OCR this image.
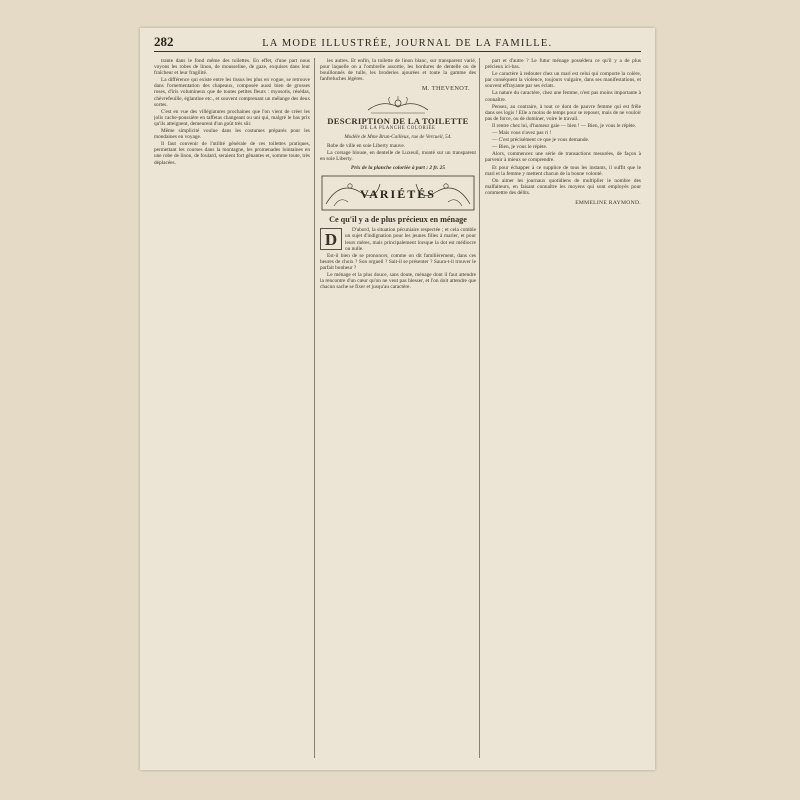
282	LA MODE ILLUSTRÉE, JOURNAL DE LA FAMILLE.

trante dans le fond même des toilettes. En effet, d'une part nous voyons les robes de linon, de mousseline, de gaze, exquises dans leur fraîcheur et leur fragilité.

La différence qui existe entre les tissus les plus en vogue, se retrouve dans l'ornementation des chapeaux, composée aussi bien de grosses roses, d'iris volumineux que de toutes petites fleurs : myosotis, résédas, chèvrefeuille, églantine etc., et souvent comprenant un mélange des deux sortes.

C'est en vue des villégiatures prochaines que l'on vient de créer les jolis cache-poussière en taffetas changeant ou uni qui, malgré le bas prix qu'ils atteignent, demeurent d'un goût très sûr.

Même simplicité voulue dans les costumes préparés pour les mondaines en voyage.

Il faut convenir de l'utilité générale de ces toilettes pratiques, permettant les courses dans la montagne, les promenades lointaines en une robe de linon, de foulard, seraient fort gênantes et, somme toute, très déplacées.

les autres. Et enfin, la toilette de linon blanc, sur transparent varié, pour laquelle on a l'ombrelle assortie, les bordures de dentelle ou de bouillonnés de tulle, les broderies ajourées et toute la gamme des fanfreluches légères.

M. THEVENOT.
DESCRIPTION DE LA TOILETTE
DE LA PLANCHE COLORIÉE
Modèle de Mme Brun-Cailleux, rue de Vercueil, 54.

Robe de ville en soie Liberty mauve.

La corsage blouse, en dentelle de Luxeuil, monté sur un transparent en soie Liberty.

Prix de la planche coloriée à part : 2 fr. 25
VARIÉTÉS
Ce qu'il y a de plus précieux en ménage
D	D'abord, la situation pécuniaire respectée ; et cela comble un sujet d'indignation pour les jeunes filles à marier, et pour leurs mères, mais principalement lorsque la dot est médiocre ou nulle.

Est-il bien de se prononcer, comme on dit familièrement, dans ces heures de choix ? Son orgueil ? Sait-il se présenter ? Saura-t-il trouver le parfait bonheur ?

Le ménage et la plus douce, sans doute, ménage dont il faut attendre la rencontre d'un cœur qu'on ne veut pas blesser, et l'on doit attendre que chacun sache se fixer et jusqu'au caractère.

part et d'autre ? Le futur ménage possédera ce qu'il y a de plus précieux ici-bas.

Le caractère à redouter chez un mari est celui qui comporte la colère, par conséquent la violence, toujours vulgaire, dans ses manifestations, et souvent effrayante par ses éclats.

La nature du caractère, chez une femme, n'est pas moins importante à connaître.

Pensez, au contraire, à tout ce dont de pauvre femme qui est frêle dans ses logis ! Elle a moins de temps pour se reposer, mais de ne vouloir pas de force, ou de dominer, voire le travail.

Il rentre chez lui, d'humeur gaie — bien ! — Bien, je vous le répète.

— Mais vous n'avez pas ri !

— C'est précisément ce que je vous demande.

— Bien, je vous le répète.

Alors, commencez une série de transactions mesurées, de façon à parvenir à mieux se comprendre.

Et pour échapper à ce supplice de tous les instants, il suffit que le mari et la femme y mettent chacun de la bonne volonté.

On aimer les journaux quotidiens de multiplier le nombre des malfaiteurs, en faisant connaître les moyens qui sont employés pour commettre des délits.

EMMELINE RAYMOND.
